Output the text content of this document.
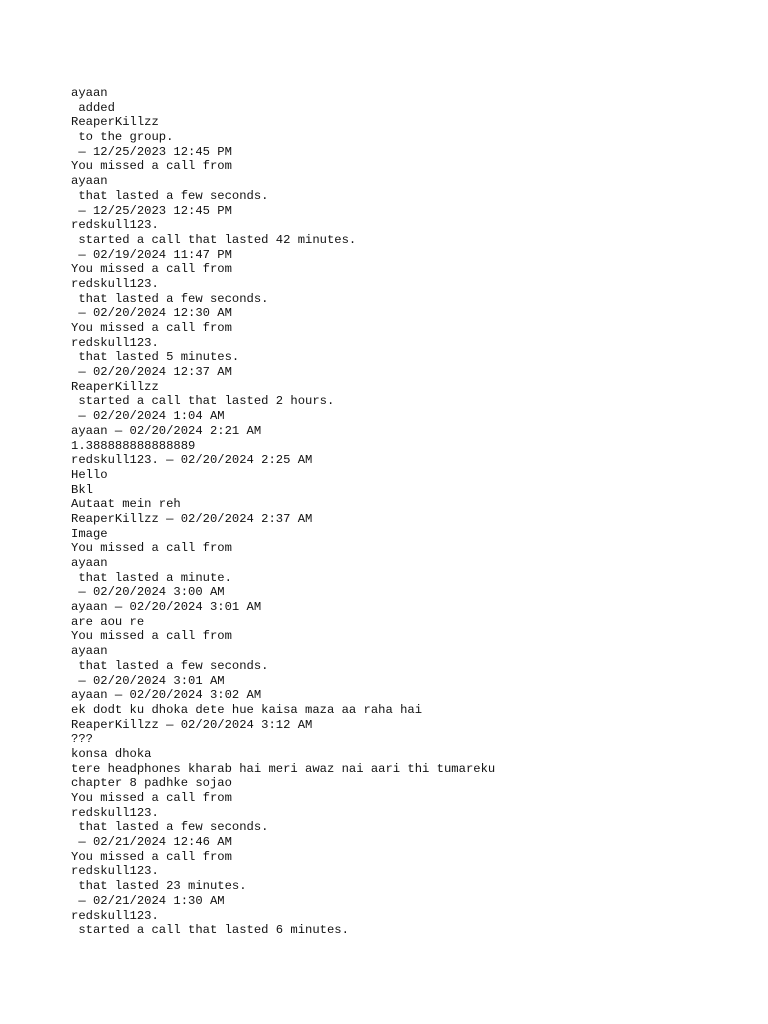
ayaan
added
ReaperKillzz
to the group.
— 12/25/2023 12:45 PM
You missed a call from
ayaan
that lasted a few seconds.
— 12/25/2023 12:45 PM
redskull123.
started a call that lasted 42 minutes.
— 02/19/2024 11:47 PM
You missed a call from
redskull123.
that lasted a few seconds.
— 02/20/2024 12:30 AM
You missed a call from
redskull123.
that lasted 5 minutes.
— 02/20/2024 12:37 AM
ReaperKillzz
started a call that lasted 2 hours.
— 02/20/2024 1:04 AM
ayaan — 02/20/2024 2:21 AM
1.388888888888889
redskull123. — 02/20/2024 2:25 AM
Hello
Bkl
Autaat mein reh
ReaperKillzz — 02/20/2024 2:37 AM
Image
You missed a call from
ayaan
that lasted a minute.
— 02/20/2024 3:00 AM
ayaan — 02/20/2024 3:01 AM
are aou re
You missed a call from
ayaan
that lasted a few seconds.
— 02/20/2024 3:01 AM
ayaan — 02/20/2024 3:02 AM
ek dodt ku dhoka dete hue kaisa maza aa raha hai
ReaperKillzz — 02/20/2024 3:12 AM
???
konsa dhoka
tere headphones kharab hai meri awaz nai aari thi tumareku
chapter 8 padhke sojao
You missed a call from
redskull123.
that lasted a few seconds.
— 02/21/2024 12:46 AM
You missed a call from
redskull123.
that lasted 23 minutes.
— 02/21/2024 1:30 AM
redskull123.
started a call that lasted 6 minutes.
